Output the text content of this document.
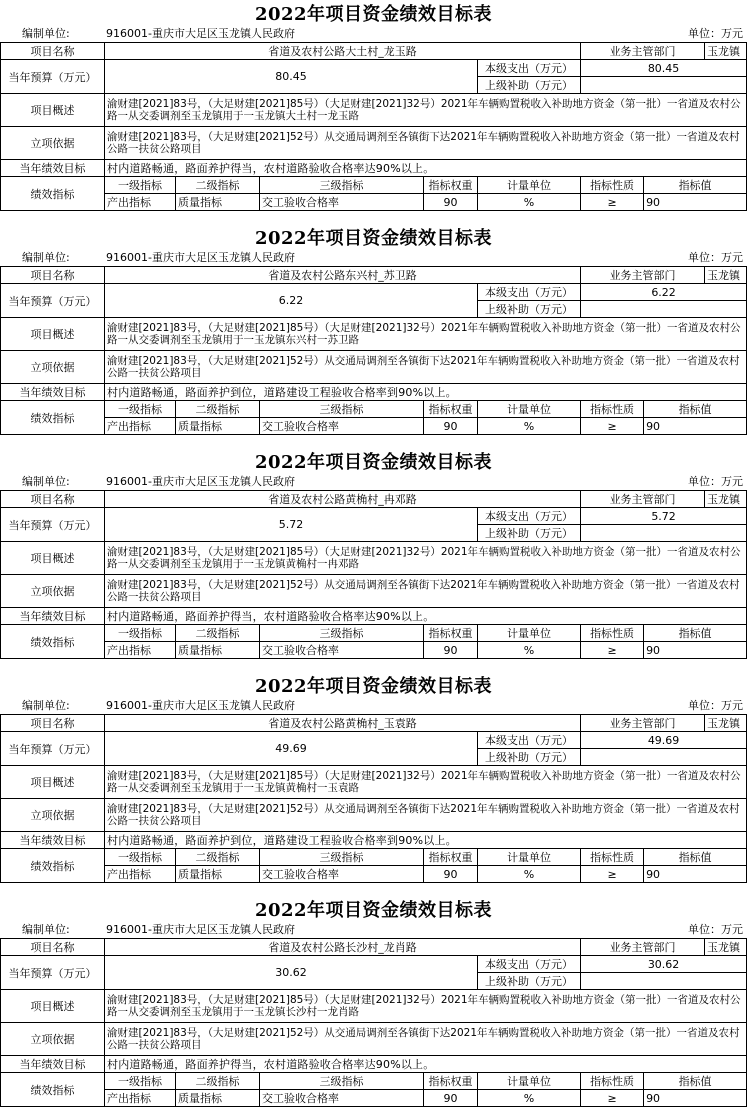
2022年项目资金绩效目标表
编制单位:	916001-重庆市大足区玉龙镇人民政府	单位：万元
项目名称	省道及农村公路大土村_龙玉路					业务主管部门		玉龙镇
当年预算（万元）	80.45				本级支出（万元）	80.45		
					上级补助（万元）			
项目概述	渝财建[2021]83号，（大足财建[2021]85号）（大足财建[2021]32号）2021年车辆购置税收入补助地方资金（第一批）一省道及农村公路一从交委调剂至玉龙镇用于一玉龙镇大土村一龙玉路							
立项依据	渝财建[2021]83号，（大足财建[2021]52号）从交通局调剂至各镇街下达2021年车辆购置税收入补助地方资金（第一批）一省道及农村公路一扶贫公路项目							
当年绩效目标	村内道路畅通，路面养护得当，农村道路验收合格率达90%以上。							
绩效指标	一级指标	二级指标	三级指标	指标权重	计量单位	指标性质	指标值	
	产出指标	质量指标	交工验收合格率	90	%	≥	90	
2022年项目资金绩效目标表
编制单位:	916001-重庆市大足区玉龙镇人民政府	单位：万元
项目名称	省道及农村公路东兴村_苏卫路					业务主管部门		玉龙镇
当年预算（万元）	6.22				本级支出（万元）	6.22		
					上级补助（万元）			
项目概述	渝财建[2021]83号，（大足财建[2021]85号）（大足财建[2021]32号）2021年车辆购置税收入补助地方资金（第一批）一省道及农村公路一从交委调剂至玉龙镇用于一玉龙镇东兴村一苏卫路							
立项依据	渝财建[2021]83号，（大足财建[2021]52号）从交通局调剂至各镇街下达2021年车辆购置税收入补助地方资金（第一批）一省道及农村公路一扶贫公路项目							
当年绩效目标	村内道路畅通，路面养护到位，道路建设工程验收合格率到90%以上。							
绩效指标	一级指标	二级指标	三级指标	指标权重	计量单位	指标性质	指标值	
	产出指标	质量指标	交工验收合格率	90	%	≥	90	
2022年项目资金绩效目标表
编制单位:	916001-重庆市大足区玉龙镇人民政府	单位：万元
项目名称	省道及农村公路黄桷村_冉邓路					业务主管部门		玉龙镇
当年预算（万元）	5.72				本级支出（万元）	5.72		
					上级补助（万元）			
项目概述	渝财建[2021]83号，（大足财建[2021]85号）（大足财建[2021]32号）2021年车辆购置税收入补助地方资金（第一批）一省道及农村公路一从交委调剂至玉龙镇用于一玉龙镇黄桷村一冉邓路							
立项依据	渝财建[2021]83号，（大足财建[2021]52号）从交通局调剂至各镇街下达2021年车辆购置税收入补助地方资金（第一批）一省道及农村公路一扶贫公路项目							
当年绩效目标	村内道路畅通，路面养护得当，农村道路验收合格率达90%以上。							
绩效指标	一级指标	二级指标	三级指标	指标权重	计量单位	指标性质	指标值	
	产出指标	质量指标	交工验收合格率	90	%	≥	90	
2022年项目资金绩效目标表
编制单位:	916001-重庆市大足区玉龙镇人民政府	单位：万元
项目名称	省道及农村公路黄桷村_玉袁路					业务主管部门		玉龙镇
当年预算（万元）	49.69				本级支出（万元）	49.69		
					上级补助（万元）			
项目概述	渝财建[2021]83号，（大足财建[2021]85号）（大足财建[2021]32号）2021年车辆购置税收入补助地方资金（第一批）一省道及农村公路一从交委调剂至玉龙镇用于一玉龙镇黄桷村一玉袁路							
立项依据	渝财建[2021]83号，（大足财建[2021]52号）从交通局调剂至各镇街下达2021年车辆购置税收入补助地方资金（第一批）一省道及农村公路一扶贫公路项目							
当年绩效目标	村内道路畅通，路面养护到位，道路建设工程验收合格率到90%以上。							
绩效指标	一级指标	二级指标	三级指标	指标权重	计量单位	指标性质	指标值	
	产出指标	质量指标	交工验收合格率	90	%	≥	90	
2022年项目资金绩效目标表
编制单位:	916001-重庆市大足区玉龙镇人民政府	单位：万元
项目名称	省道及农村公路长沙村_龙肖路					业务主管部门		玉龙镇
当年预算（万元）	30.62				本级支出（万元）	30.62		
					上级补助（万元）			
项目概述	渝财建[2021]83号，（大足财建[2021]85号）（大足财建[2021]32号）2021年车辆购置税收入补助地方资金（第一批）一省道及农村公路一从交委调剂至玉龙镇用于一玉龙镇长沙村一龙肖路							
立项依据	渝财建[2021]83号，（大足财建[2021]52号）从交通局调剂至各镇街下达2021年车辆购置税收入补助地方资金（第一批）一省道及农村公路一扶贫公路项目							
当年绩效目标	村内道路畅通，路面养护得当，农村道路验收合格率达90%以上。							
绩效指标	一级指标	二级指标	三级指标	指标权重	计量单位	指标性质	指标值	
	产出指标	质量指标	交工验收合格率	90	%	≥	90	
